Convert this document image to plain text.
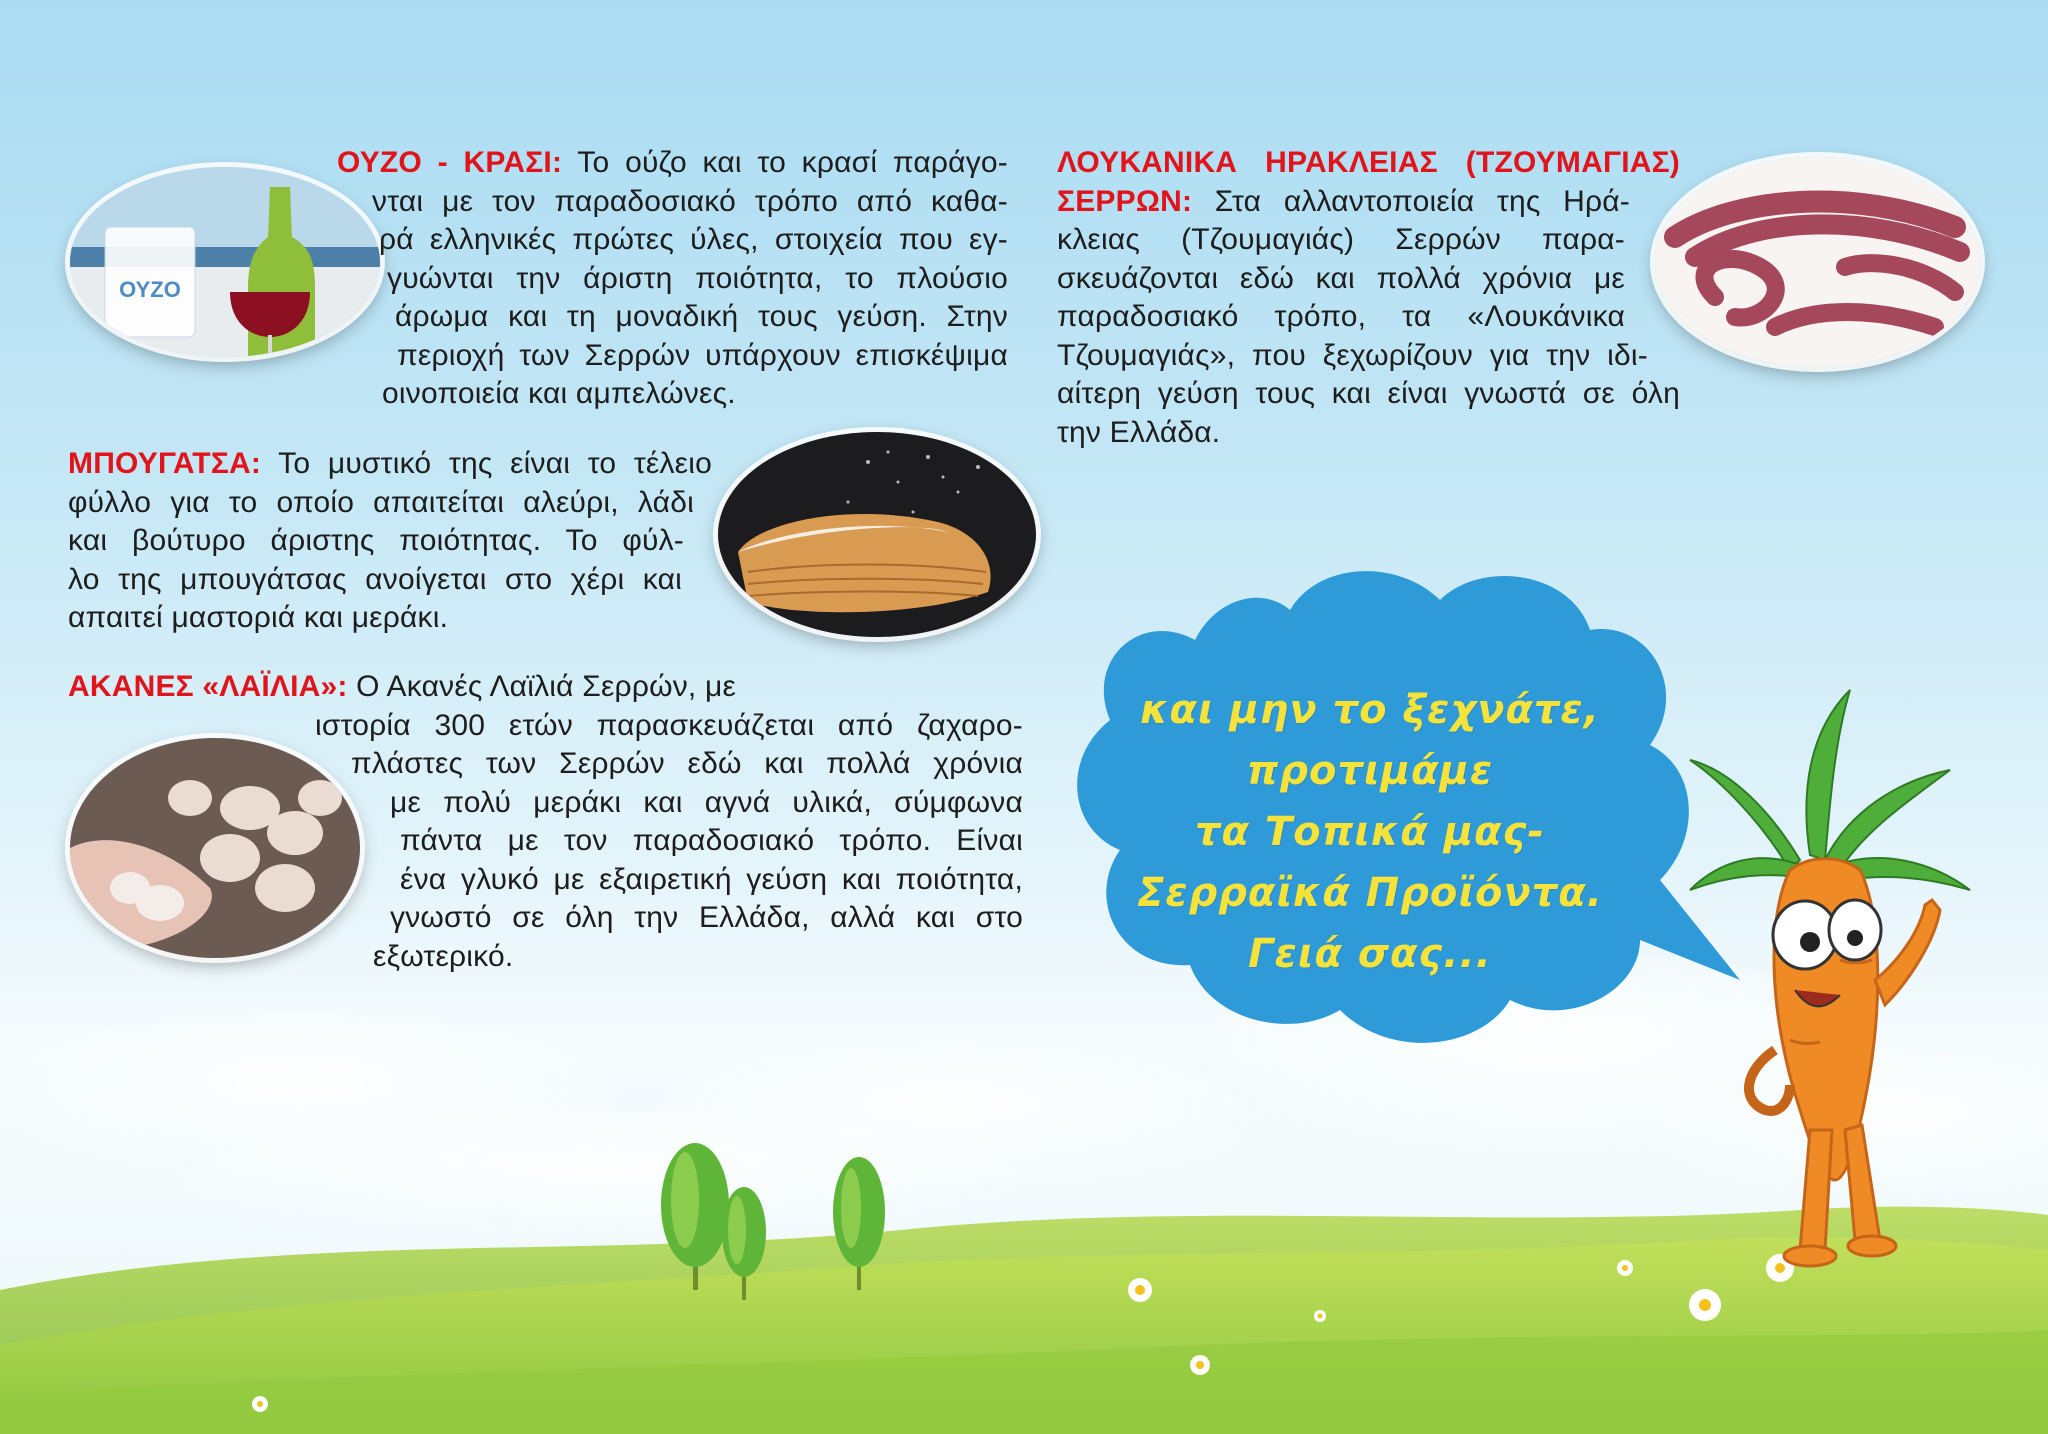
ΟΥΖΟ

ΟΥΖΟ - ΚΡΑΣΙ: Το ούζο και το κρασί παράγο-

νται με τον παραδοσιακό τρόπο από καθα-

ρά ελληνικές πρώτες ύλες, στοιχεία που εγ-

γυώνται την άριστη ποιότητα, το πλούσιο

άρωμα και τη μοναδική τους γεύση. Στην

περιοχή των Σερρών υπάρχουν επισκέψιμα

οινοποιεία και αμπελώνες.

ΜΠΟΥΓΑΤΣΑ: Το μυστικό της είναι το τέλειο

φύλλο για το οποίο απαιτείται αλεύρι, λάδι

και βούτυρο άριστης ποιότητας. Το φύλ-

λο της μπουγάτσας ανοίγεται στο χέρι και

απαιτεί μαστοριά και μεράκι.

ΑΚΑΝΕΣ «ΛΑΪΛΙΑ»: Ο Ακανές Λαϊλιά Σερρών, με

ιστορία 300 ετών παρασκευάζεται από ζαχαρο-

πλάστες των Σερρών εδώ και πολλά χρόνια

με πολύ μεράκι και αγνά υλικά, σύμφωνα

πάντα με τον παραδοσιακό τρόπο. Είναι

ένα γλυκό με εξαιρετική γεύση και ποιότητα,

γνωστό σε όλη την Ελλάδα, αλλά και στο

εξωτερικό.

ΛΟΥΚΑΝΙΚΑ ΗΡΑΚΛΕΙΑΣ (ΤΖΟΥΜΑΓΙΑΣ)

ΣΕΡΡΩΝ: Στα αλλαντοποιεία της Ηρά-

κλειας (Τζουμαγιάς) Σερρών παρα-

σκευάζονται εδώ και πολλά χρόνια με

παραδοσιακό τρόπο, τα «Λουκάνικα

Τζουμαγιάς», που ξεχωρίζουν για την ιδι-

αίτερη γεύση τους και είναι γνωστά σε όλη

την Ελλάδα.

και μην το ξεχνάτε,

προτιμάμε

τα Τοπικά μας-

Σερραϊκά Προϊόντα.

Γειά σας...
